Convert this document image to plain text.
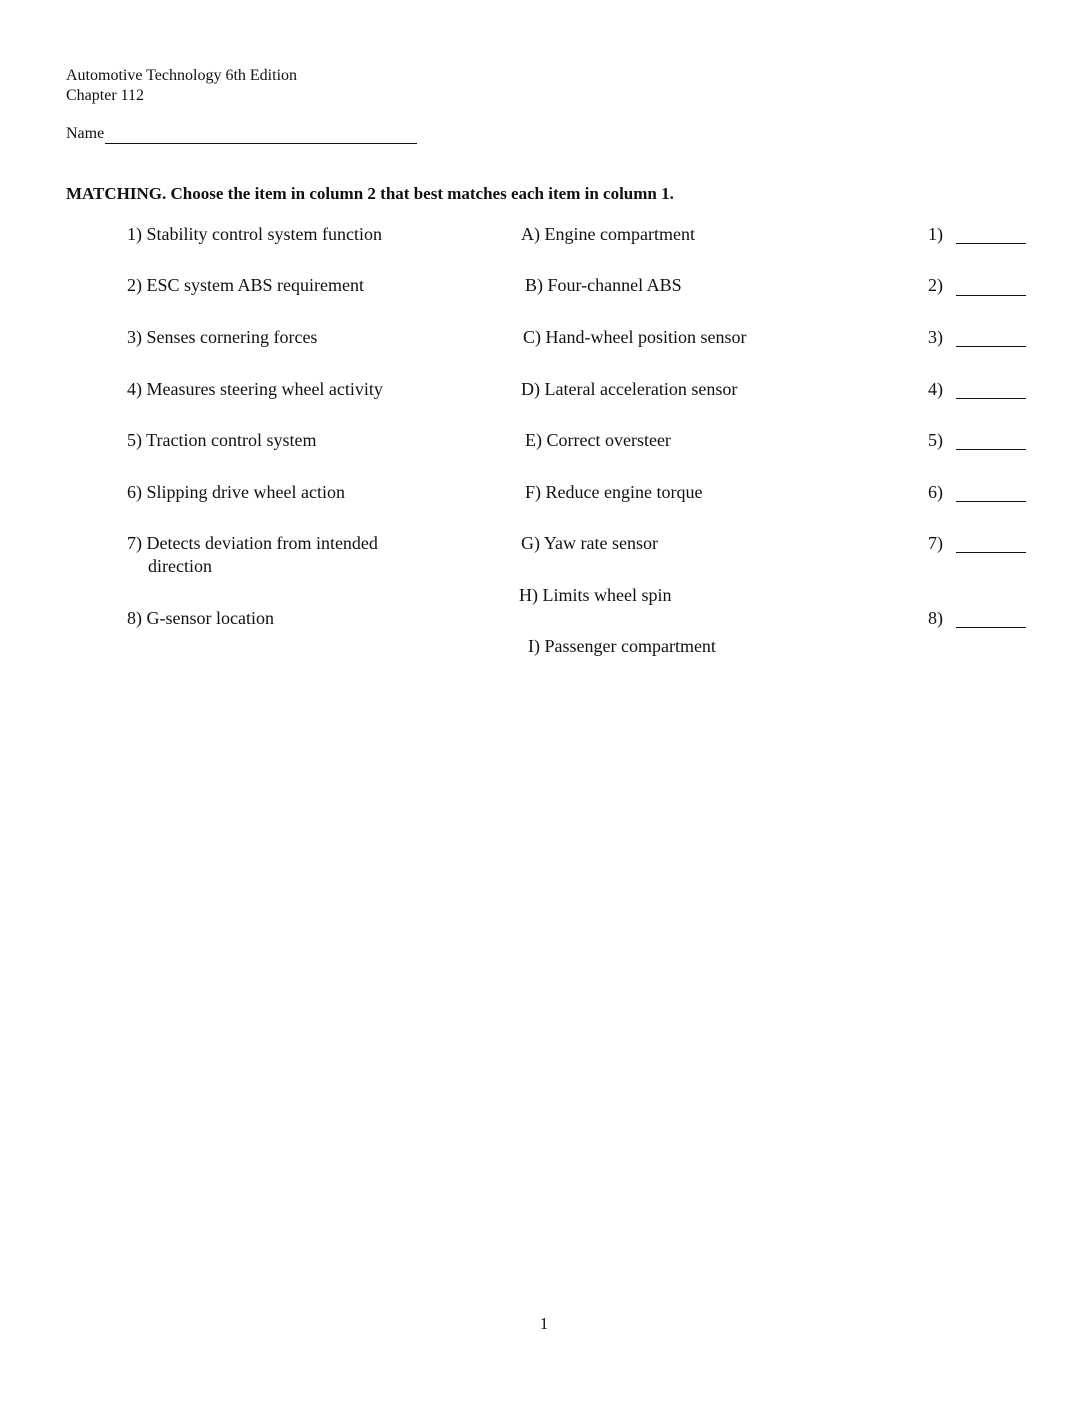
Automotive Technology 6th Edition
Chapter 112
Name
MATCHING. Choose the item in column 2 that best matches each item in column 1.
1) Stability control system function
2) ESC system ABS requirement
3) Senses cornering forces
4) Measures steering wheel activity
5) Traction control system
6) Slipping drive wheel action
7) Detects deviation from intended
direction
8) G-sensor location
A) Engine compartment
B) Four-channel ABS
C) Hand-wheel position sensor
D) Lateral acceleration sensor
E) Correct oversteer
F) Reduce engine torque
G) Yaw rate sensor
H) Limits wheel spin
I) Passenger compartment
1)
2)
3)
4)
5)
6)
7)
8)
1
